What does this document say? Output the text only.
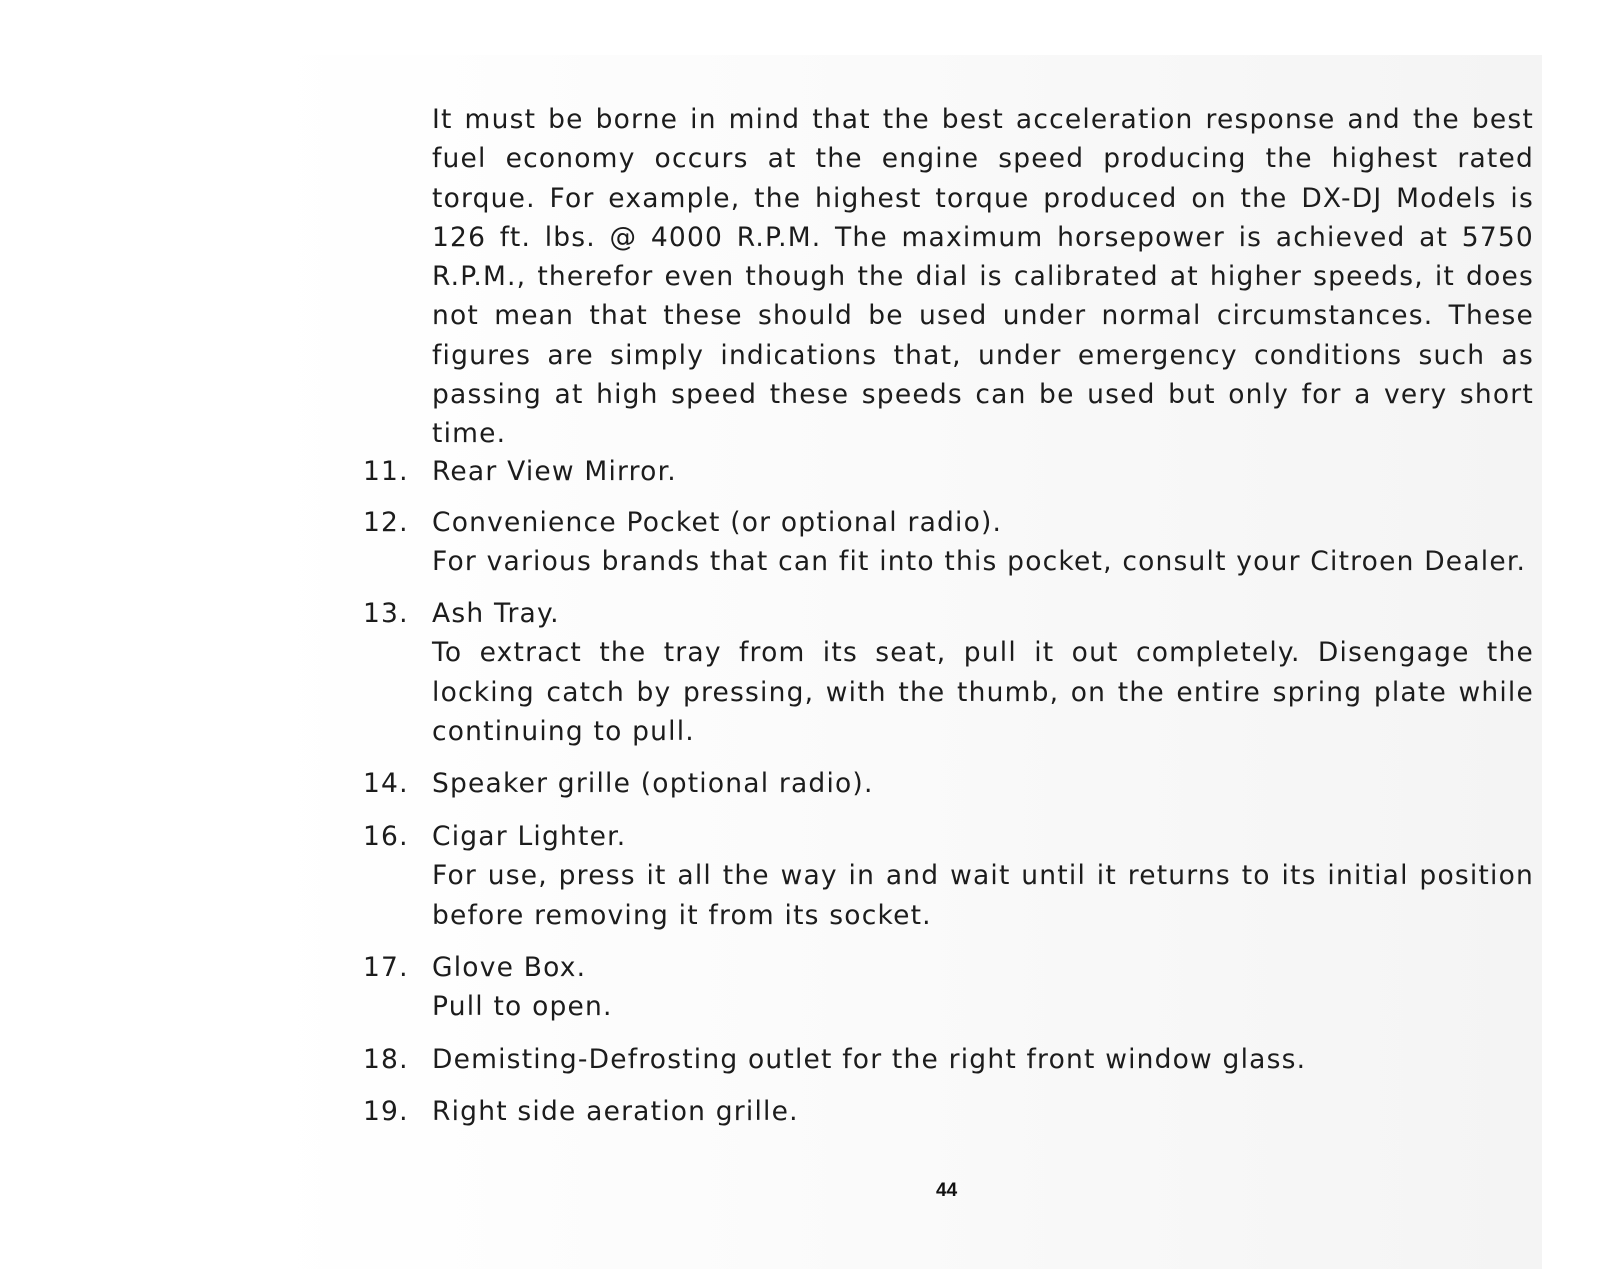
It must be borne in mind that the best acceleration response and the best fuel economy occurs at the engine speed producing the highest rated torque. For example, the highest torque produced on the DX-DJ Models is 126 ft. lbs. @ 4000 R.P.M. The maximum horsepower is achieved at 5750 R.P.M., therefor even though the dial is calibrated at higher speeds, it does not mean that these should be used under normal circumstances. These figures are simply indications that, under emergency conditions such as passing at high speed these speeds can be used but only for a very short time.

11. Rear View Mirror.
12. Convenience Pocket (or optional radio).
For various brands that can fit into this pocket, consult your Citroen Dealer.
13. Ash Tray.
To extract the tray from its seat, pull it out completely. Disengage the locking catch by pressing, with the thumb, on the entire spring plate while continuing to pull.
14. Speaker grille (optional radio).
16. Cigar Lighter.
For use, press it all the way in and wait until it returns to its initial position before removing it from its socket.
17. Glove Box.
Pull to open.
18. Demisting-Defrosting outlet for the right front window glass.
19. Right side aeration grille.
44
